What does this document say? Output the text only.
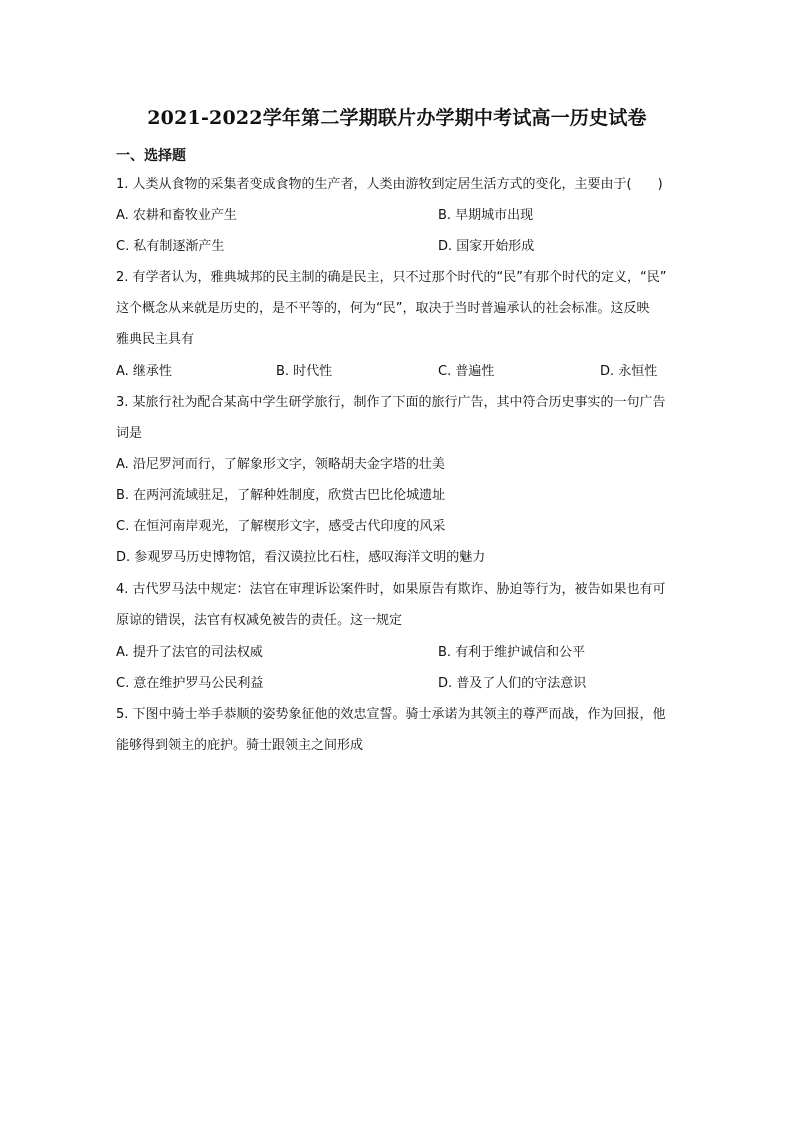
2021-2022学年第二学期联片办学期中考试高一历史试卷
一、选择题
1. 人类从食物的采集者变成食物的生产者，人类由游牧到定居生活方式的变化，主要由于(　　)
A. 农耕和畜牧业产生	B. 早期城市出现
C. 私有制逐渐产生	D. 国家开始形成
2. 有学者认为，雅典城邦的民主制的确是民主，只不过那个时代的“民”有那个时代的定义，“民”
这个概念从来就是历史的，是不平等的，何为“民”，取决于当时普遍承认的社会标准。这反映
雅典民主具有
A. 继承性	B. 时代性	C. 普遍性	D. 永恒性
3. 某旅行社为配合某高中学生研学旅行，制作了下面的旅行广告，其中符合历史事实的一句广告
词是
A. 沿尼罗河而行，了解象形文字，领略胡夫金字塔的壮美
B. 在两河流域驻足，了解种姓制度，欣赏古巴比伦城遗址
C. 在恒河南岸观光，了解楔形文字，感受古代印度的风采
D. 参观罗马历史博物馆，看汉谟拉比石柱，感叹海洋文明的魅力
4. 古代罗马法中规定：法官在审理诉讼案件时，如果原告有欺诈、胁迫等行为，被告如果也有可
原谅的错误，法官有权减免被告的责任。这一规定
A. 提升了法官的司法权威	B. 有利于维护诚信和公平
C. 意在维护罗马公民利益	D. 普及了人们的守法意识
5. 下图中骑士举手恭顺的姿势象征他的效忠宣誓。骑士承诺为其领主的尊严而战，作为回报，他
能够得到领主的庇护。骑士跟领主之间形成
